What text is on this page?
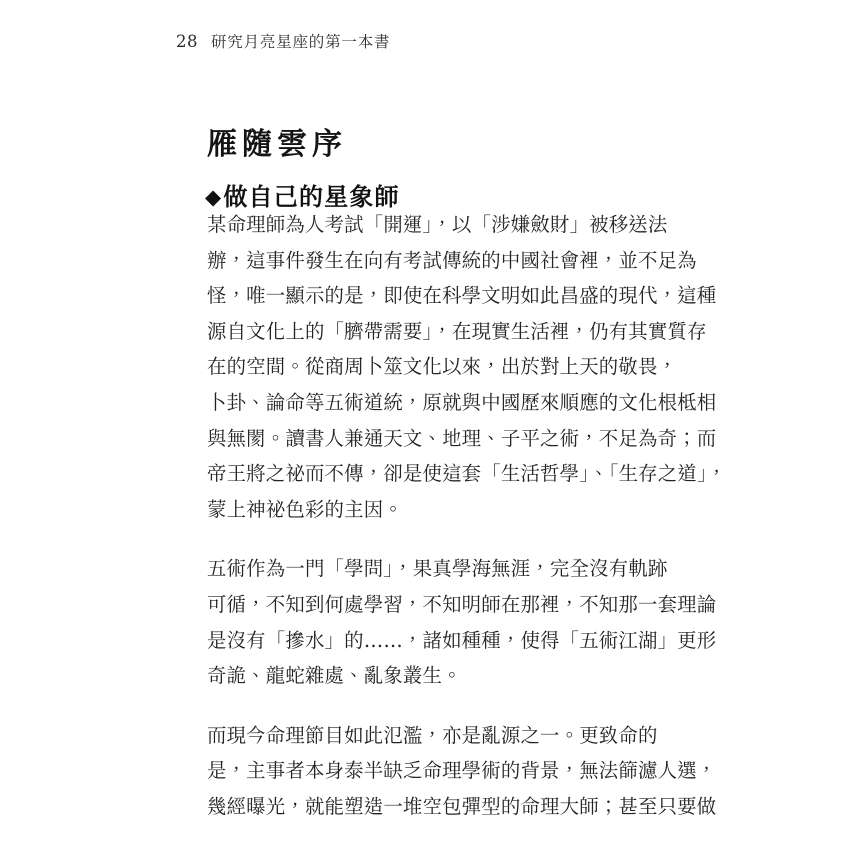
28 研究月亮星座的第一本書
雁隨雲序
◆做自己的星象師
某命理師為人考試「開運」，以「涉嫌斂財」被移送法
辦，這事件發生在向有考試傳統的中國社會裡，並不足為
怪，唯一顯示的是，即使在科學文明如此昌盛的現代，這種
源自文化上的「臍帶需要」，在現實生活裡，仍有其實質存
在的空間。 從商周卜筮文化以來，出於對上天的敬畏，
卜卦、論命等五術道統，原就與中國歷來順應的文化根柢相
與無閡。讀書人兼通天文、地理、子平之術，不足為奇；而
帝王將之祕而不傳，卻是使這套「生活哲學」、「生存之道」，
蒙上神祕色彩的主因。
五術作為一門「學問」，果真學海無涯，完全沒有軌跡
可循，不知到何處學習，不知明師在那裡，不知那一套理論
是沒有「摻水」的……，諸如種種，使得「五術江湖」更形
奇詭、龍蛇雜處、亂象叢生。
而現今命理節目如此氾濫，亦是亂源之一。更致命的
是，主事者本身泰半缺乏命理學術的背景，無法篩濾人選，
幾經曝光，就能塑造一堆空包彈型的命理大師；甚至只要做
